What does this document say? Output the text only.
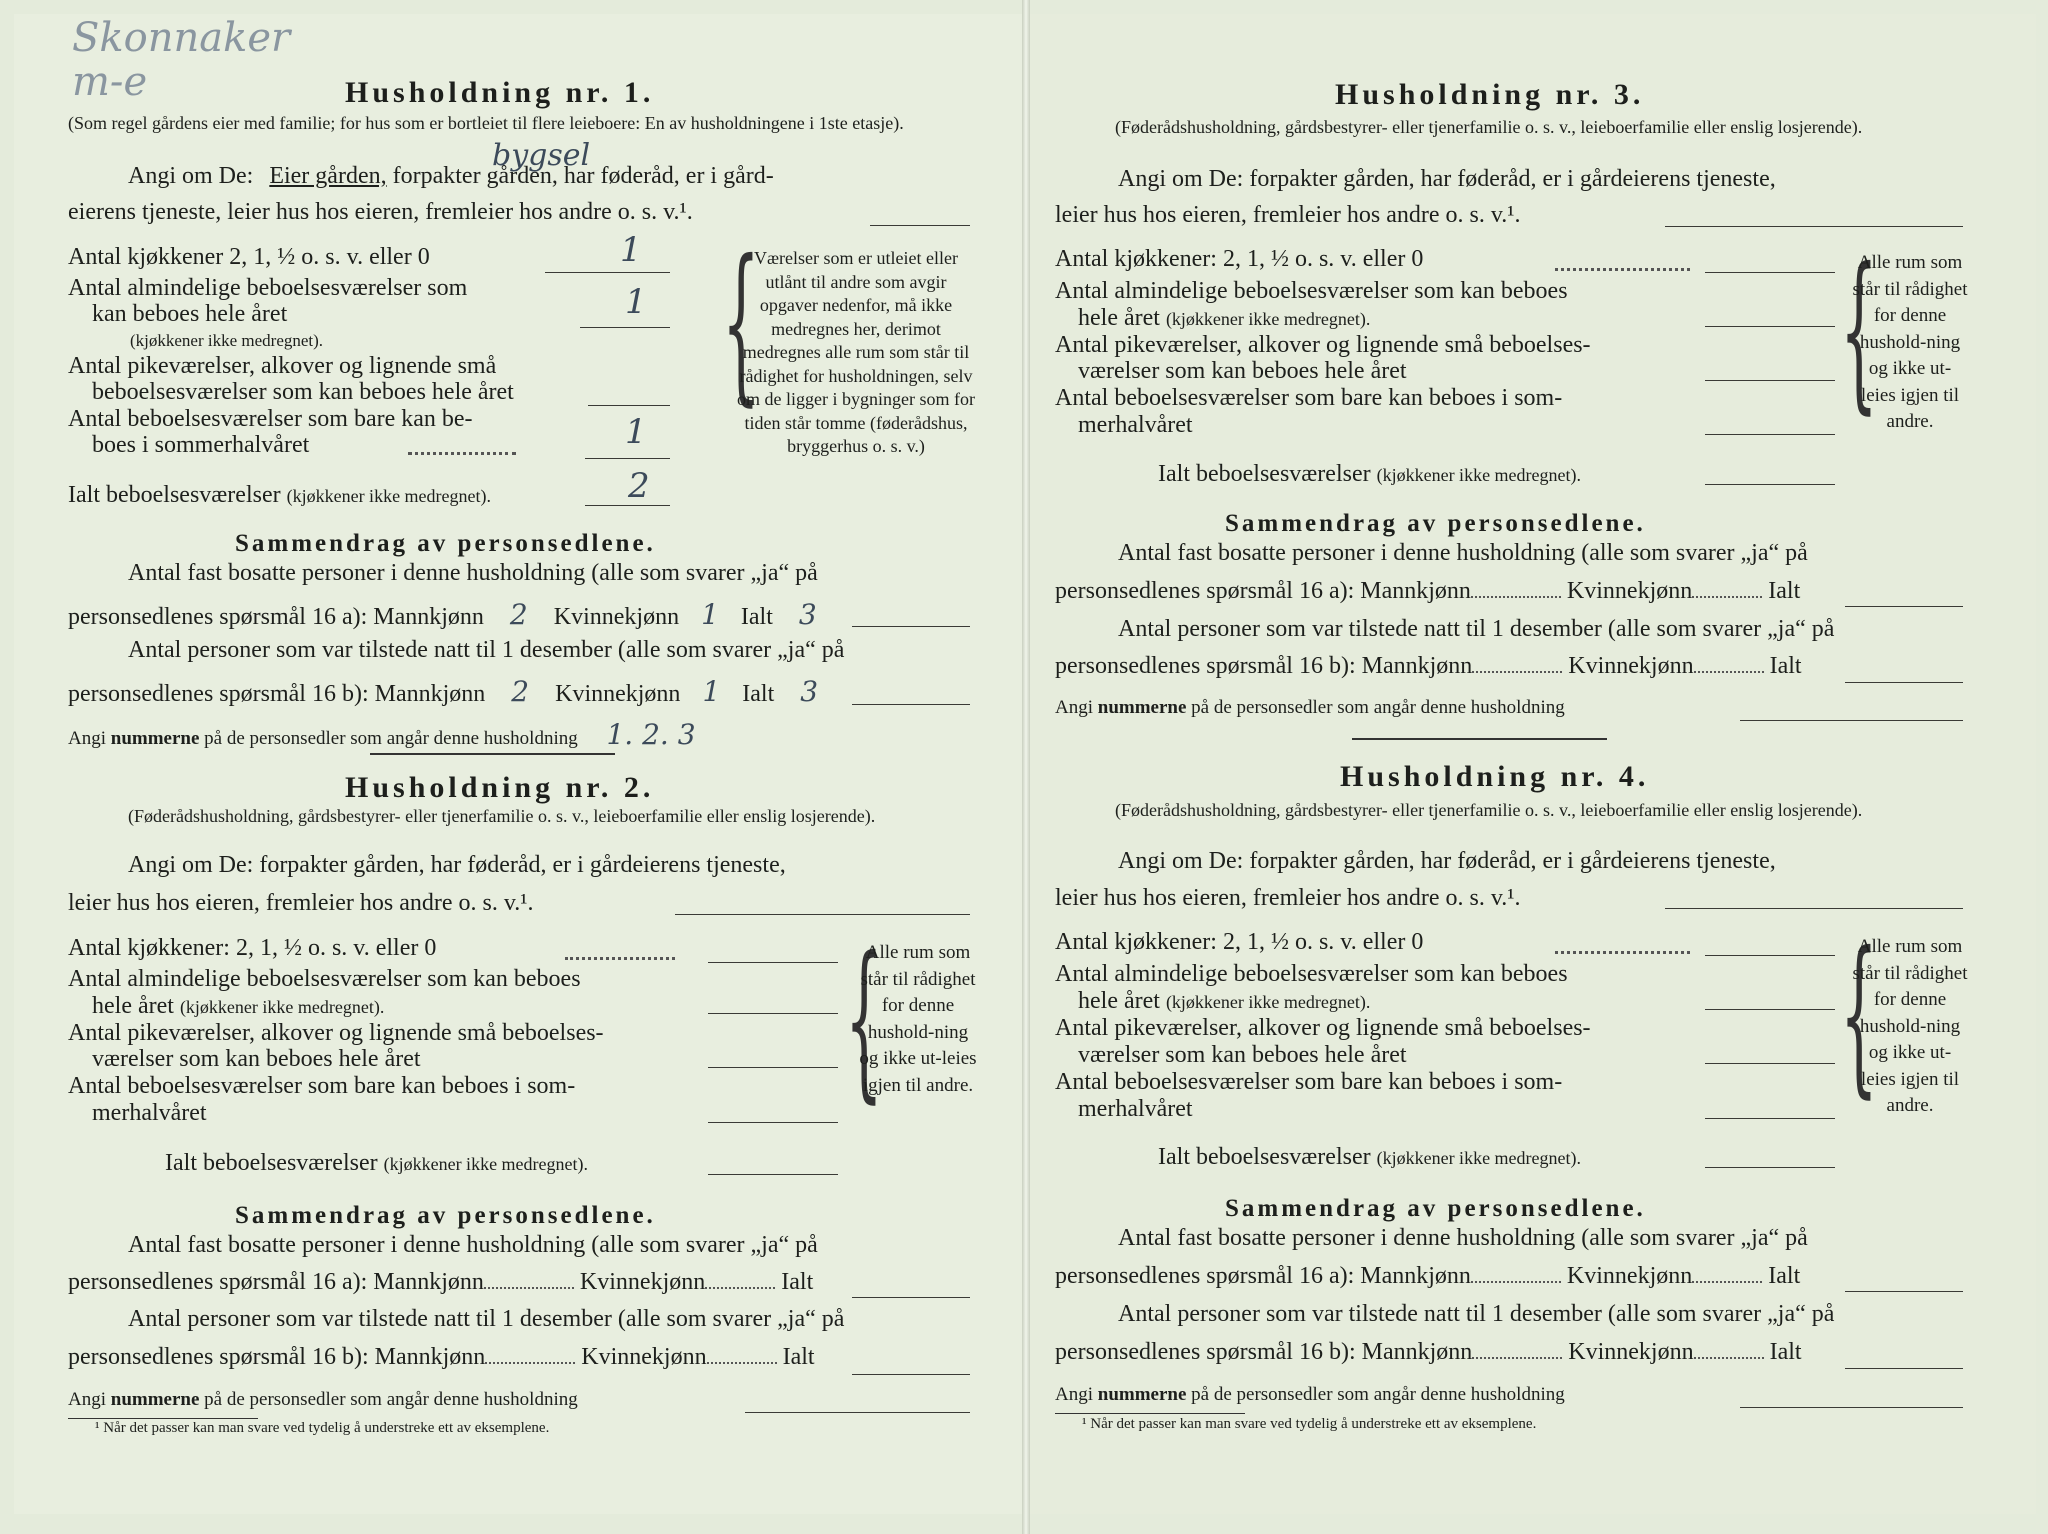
Skonnaker
m-e	Husholdning nr. 1.
(Som regel gårdens eier med familie; for hus som er bortleiet til flere leieboere: En av husholdningene i 1ste etasje).
Angi om De: Eier gården, forpakter gården, har føderåd, er i gård-
bygsel
eierens tjeneste, leier hus hos eieren, fremleier hos andre o. s. v.¹.
Antal kjøkkener 2, 1, ½ o. s. v. eller 0	1
Antal almindelige beboelsesværelser som
kan beboes hele året
(kjøkkener ikke medregnet).
1
Antal pikeværelser, alkover og lignende små
beboelsesværelser som kan beboes hele året
Antal beboelsesværelser som bare kan be-
boes i sommerhalvåret	1
Ialt beboelsesværelser (kjøkkener ikke medregnet).	2
{
Værelser som er utleiet eller utlånt til andre som avgir opgaver nedenfor, må ikke medregnes her, derimot medregnes alle rum som står til rådighet for husholdningen, selv om de ligger i bygninger som for tiden står tomme (føderådshus, bryggerhus o. s. v.)
Sammendrag av personsedlene.
Antal fast bosatte personer i denne husholdning (alle som svarer „ja“ på
personsedlenes spørsmål 16 a): Mannkjønn 2 Kvinnekjønn 1 Ialt 3
Antal personer som var tilstede natt til 1 desember (alle som svarer „ja“ på
personsedlenes spørsmål 16 b): Mannkjønn 2 Kvinnekjønn 1 Ialt 3
Angi nummerne på de personsedler som angår denne husholdning 1. 2. 3
Husholdning nr. 2.
(Føderådshusholdning, gårdsbestyrer- eller tjenerfamilie o. s. v., leieboerfamilie eller enslig losjerende).
Angi om De: forpakter gården, har føderåd, er i gårdeierens tjeneste,
leier hus hos eieren, fremleier hos andre o. s. v.¹.
Antal kjøkkener: 2, 1, ½ o. s. v. eller 0
Antal almindelige beboelsesværelser som kan beboes
hele året (kjøkkener ikke medregnet).
Antal pikeværelser, alkover og lignende små beboelses-
værelser som kan beboes hele året
Antal beboelsesværelser som bare kan beboes i som-
merhalvåret
Ialt beboelsesværelser (kjøkkener ikke medregnet).
{
Alle rum som står til rådighet for denne hushold-ning og ikke ut-leies igjen til andre.
Sammendrag av personsedlene.
Antal fast bosatte personer i denne husholdning (alle som svarer „ja“ på
personsedlenes spørsmål 16 a): Mannkjønn	Kvinnekjønn	Ialt
Antal personer som var tilstede natt til 1 desember (alle som svarer „ja“ på
personsedlenes spørsmål 16 b): Mannkjønn	Kvinnekjønn	Ialt
Angi nummerne på de personsedler som angår denne husholdning
¹ Når det passer kan man svare ved tydelig å understreke ett av eksemplene.
Husholdning nr. 3.
(Føderådshusholdning, gårdsbestyrer- eller tjenerfamilie o. s. v., leieboerfamilie eller enslig losjerende).
Angi om De: forpakter gården, har føderåd, er i gårdeierens tjeneste,
leier hus hos eieren, fremleier hos andre o. s. v.¹.
Antal kjøkkener: 2, 1, ½ o. s. v. eller 0
Antal almindelige beboelsesværelser som kan beboes
hele året (kjøkkener ikke medregnet).
Antal pikeværelser, alkover og lignende små beboelses-
værelser som kan beboes hele året
Antal beboelsesværelser som bare kan beboes i som-
merhalvåret
Ialt beboelsesværelser (kjøkkener ikke medregnet).
{
Alle rum som står til rådighet for denne hushold-ning og ikke ut-leies igjen til andre.
Sammendrag av personsedlene.
Antal fast bosatte personer i denne husholdning (alle som svarer „ja“ på
personsedlenes spørsmål 16 a): Mannkjønn	Kvinnekjønn	Ialt
Antal personer som var tilstede natt til 1 desember (alle som svarer „ja“ på
personsedlenes spørsmål 16 b): Mannkjønn	Kvinnekjønn	Ialt
Angi nummerne på de personsedler som angår denne husholdning
Husholdning nr. 4.
(Føderådshusholdning, gårdsbestyrer- eller tjenerfamilie o. s. v., leieboerfamilie eller enslig losjerende).
Angi om De: forpakter gården, har føderåd, er i gårdeierens tjeneste,
leier hus hos eieren, fremleier hos andre o. s. v.¹.
Antal kjøkkener: 2, 1, ½ o. s. v. eller 0
Antal almindelige beboelsesværelser som kan beboes
hele året (kjøkkener ikke medregnet).
Antal pikeværelser, alkover og lignende små beboelses-
værelser som kan beboes hele året
Antal beboelsesværelser som bare kan beboes i som-
merhalvåret
Ialt beboelsesværelser (kjøkkener ikke medregnet).
{
Alle rum som står til rådighet for denne hushold-ning og ikke ut-leies igjen til andre.
Sammendrag av personsedlene.
Antal fast bosatte personer i denne husholdning (alle som svarer „ja“ på
personsedlenes spørsmål 16 a): Mannkjønn	Kvinnekjønn	Ialt
Antal personer som var tilstede natt til 1 desember (alle som svarer „ja“ på
personsedlenes spørsmål 16 b): Mannkjønn	Kvinnekjønn	Ialt
Angi nummerne på de personsedler som angår denne husholdning
¹ Når det passer kan man svare ved tydelig å understreke ett av eksemplene.
